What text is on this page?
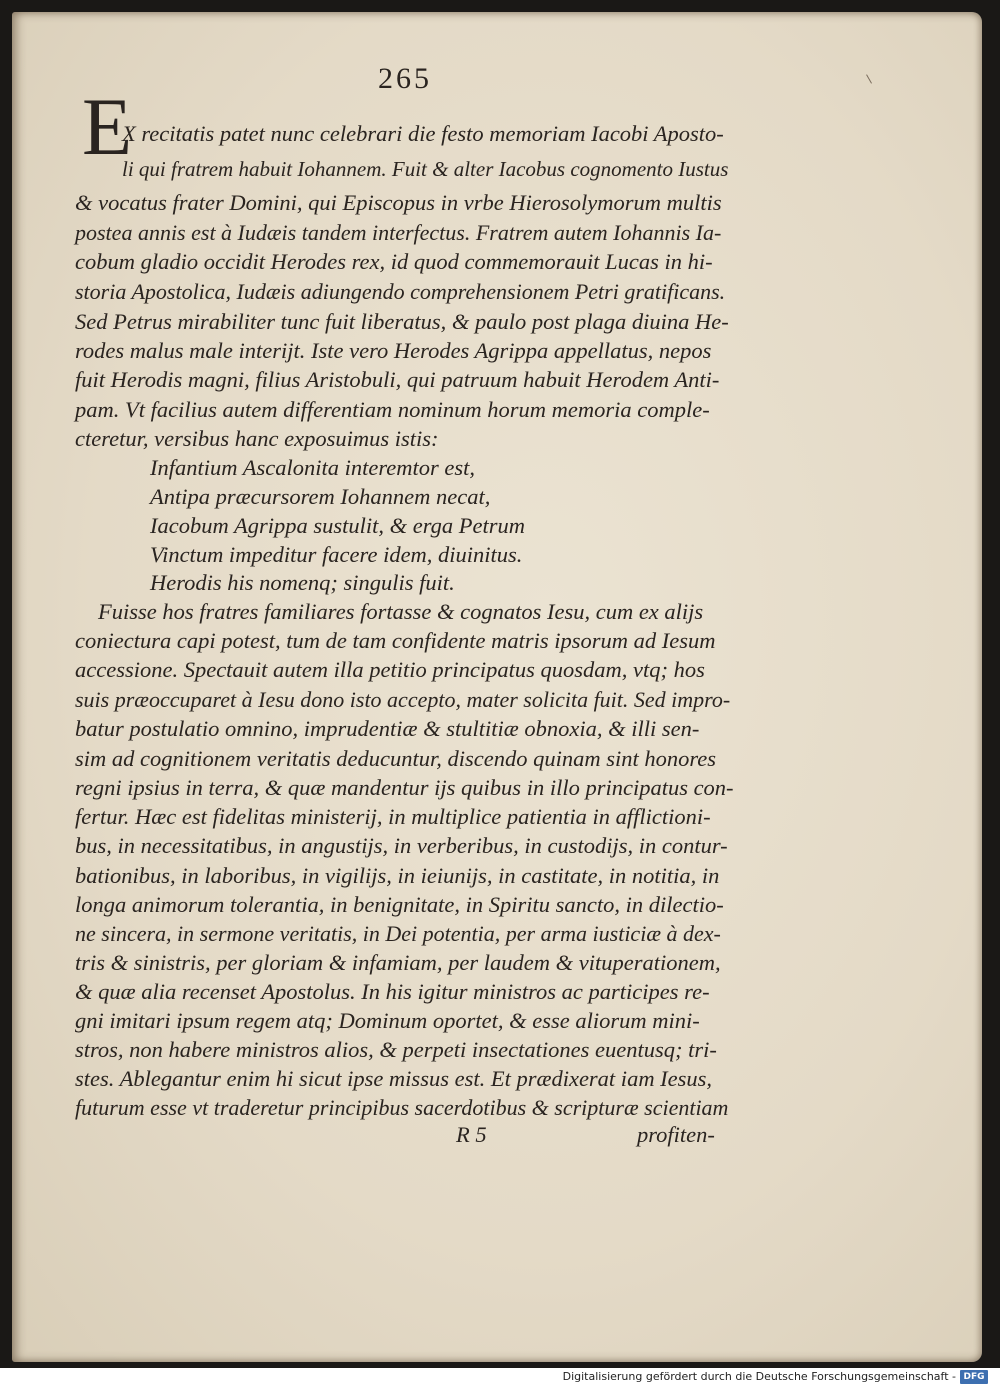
265

E

X recitatis patet nunc celebrari die festo memoriam Iacobi Aposto-

li qui fratrem habuit Iohannem. Fuit & alter Iacobus cognomento Iustus

& vocatus frater Domini, qui Episcopus in vrbe Hierosolymorum multis

postea annis est à Iudæis tandem interfectus. Fratrem autem Iohannis Ia-

cobum gladio occidit Herodes rex, id quod commemorauit Lucas in hi-

storia Apostolica, Iudæis adiungendo comprehensionem Petri gratificans.

Sed Petrus mirabiliter tunc fuit liberatus, & paulo post plaga diuina He-

rodes malus male interijt. Iste vero Herodes Agrippa appellatus, nepos

fuit Herodis magni, filius Aristobuli, qui patruum habuit Herodem Anti-

pam. Vt facilius autem differentiam nominum horum memoria comple-

cteretur, versibus hanc exposuimus istis:

Infantium Ascalonita interemtor est,

Antipa præcursorem Iohannem necat,

Iacobum Agrippa sustulit, & erga Petrum

Vinctum impeditur facere idem, diuinitus.

Herodis his nomenq; singulis fuit.

Fuisse hos fratres familiares fortasse & cognatos Iesu, cum ex alijs

coniectura capi potest, tum de tam confidente matris ipsorum ad Iesum

accessione. Spectauit autem illa petitio principatus quosdam, vtq; hos

suis præoccuparet à Iesu dono isto accepto, mater solicita fuit. Sed impro-

batur postulatio omnino, imprudentiæ & stultitiæ obnoxia, & illi sen-

sim ad cognitionem veritatis deducuntur, discendo quinam sint honores

regni ipsius in terra, & quæ mandentur ijs quibus in illo principatus con-

fertur. Hæc est fidelitas ministerij, in multiplice patientia in afflictioni-

bus, in necessitatibus, in angustijs, in verberibus, in custodijs, in contur-

bationibus, in laboribus, in vigilijs, in ieiunijs, in castitate, in notitia, in

longa animorum tolerantia, in benignitate, in Spiritu sancto, in dilectio-

ne sincera, in sermone veritatis, in Dei potentia, per arma iusticiæ à dex-

tris & sinistris, per gloriam & infamiam, per laudem & vituperationem,

& quæ alia recenset Apostolus. In his igitur ministros ac participes re-

gni imitari ipsum regem atq; Dominum oportet, & esse aliorum mini-

stros, non habere ministros alios, & perpeti insectationes euentusq; tri-

stes. Ablegantur enim hi sicut ipse missus est. Et prædixerat iam Iesus,

futurum esse vt traderetur principibus sacerdotibus & scripturæ scientiam

R 5	profiten-

Digitalisierung gefördert durch die Deutsche Forschungsgemeinschaft - DFG
